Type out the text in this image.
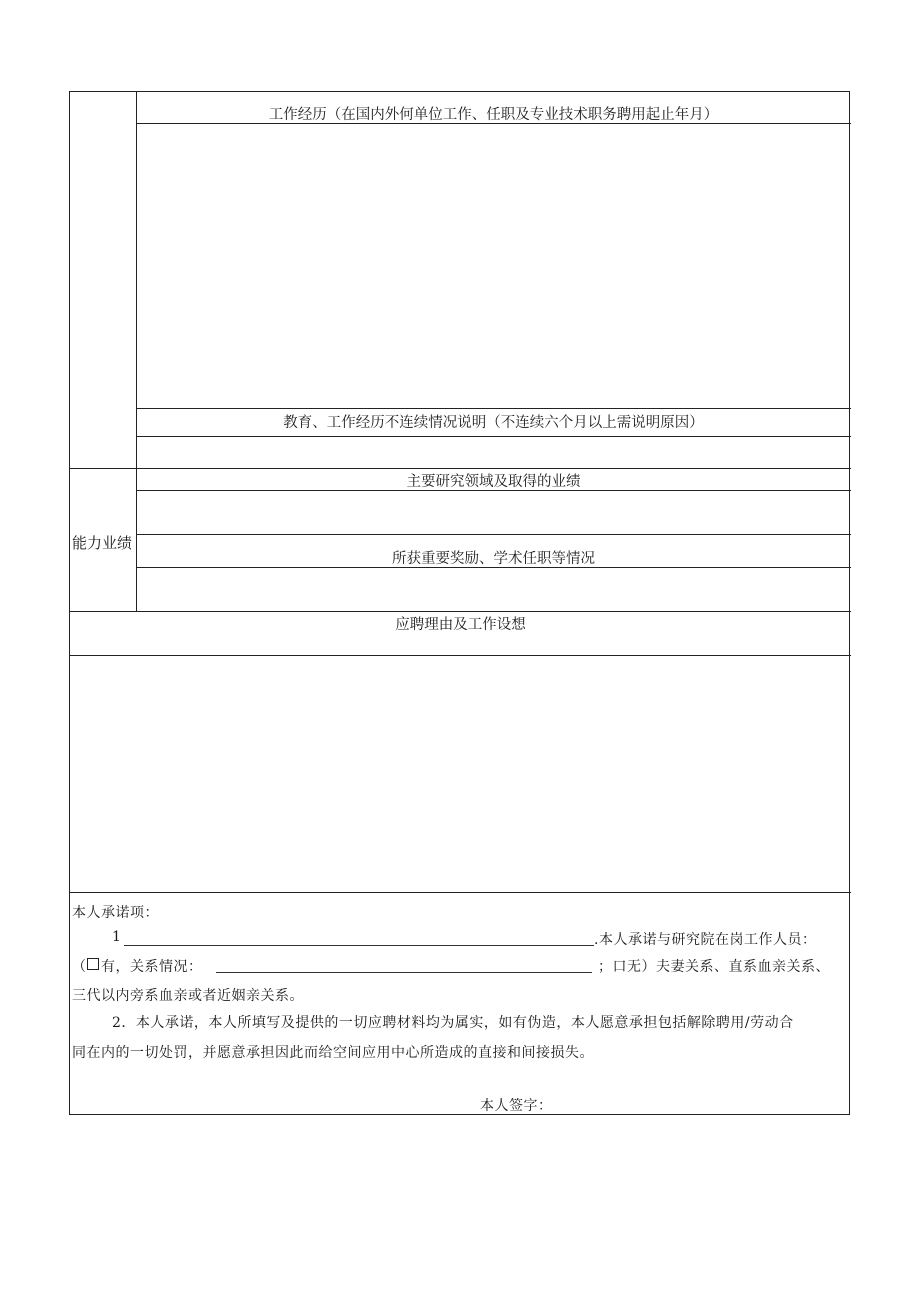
工作经历（在国内外何单位工作、任职及专业技术职务聘用起止年月）
教育、工作经历不连续情况说明（不连续六个月以上需说明原因）
能力业绩
主要研究领域及取得的业绩
所获重要奖励、学术任职等情况
应聘理由及工作设想
本人承诺项：
1	.本人承诺与研究院在岗工作人员：
（ 有，关系情况：	；口无）夫妻关系、直系血亲关系、
三代以内旁系血亲或者近姻亲关系。
2．本人承诺，本人所填写及提供的一切应聘材料均为属实，如有伪造，本人愿意承担包括解除聘用/劳动合
同在内的一切处罚，并愿意承担因此而给空间应用中心所造成的直接和间接损失。
本人签字：
